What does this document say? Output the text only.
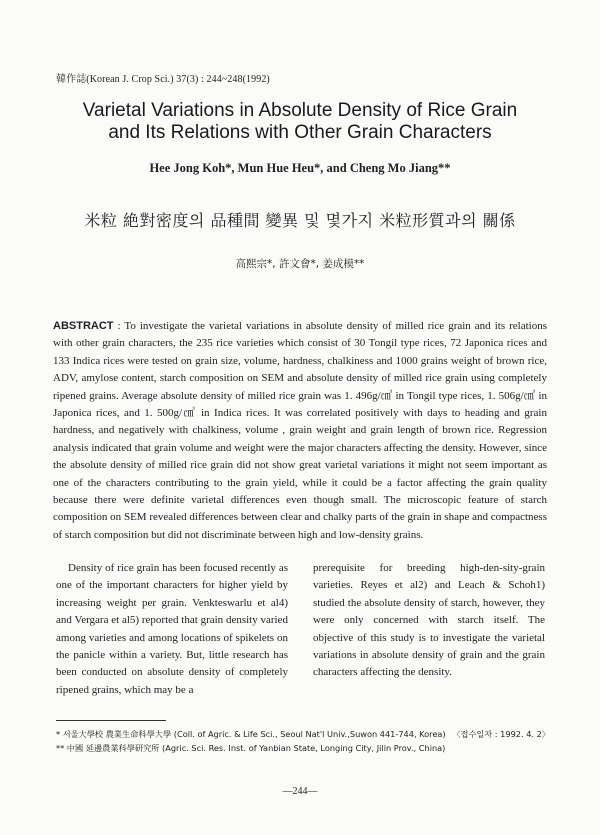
韓作誌(Korean J. Crop Sci.) 37(3) : 244~248(1992)
Varietal Variations in Absolute Density of Rice Grain
and Its Relations with Other Grain Characters
Hee Jong Koh*, Mun Hue Heu*, and Cheng Mo Jiang**
米粒 絶對密度의 品種間 變異 및 몇가지 米粒形質과의 關係
高熙宗*, 許文會*, 姜成模**
ABSTRACT : To investigate the varietal variations in absolute density of milled rice grain and its relations with other grain characters, the 235 rice varieties which consist of 30 Tongil type rices, 72 Japonica rices and 133 Indica rices were tested on grain size, volume, hardness, chalkiness and 1000 grains weight of brown rice, ADV, amylose content, starch composition on SEM and absolute density of milled rice grain using completely ripened grains. Average absolute density of milled rice grain was 1. 496g/㎤ in Tongil type rices, 1. 506g/㎤ in Japonica rices, and 1. 500g/㎤ in Indica rices. It was correlated positively with days to heading and grain hardness, and negatively with chalkiness, volume , grain weight and grain length of brown rice. Regression analysis indicated that grain volume and weight were the major characters affecting the density. However, since the absolute density of milled rice grain did not show great varietal variations it might not seem important as one of the characters contributing to the grain yield, while it could be a factor affecting the grain quality because there were definite varietal differences even though small. The microscopic feature of starch composition on SEM revealed differences between clear and chalky parts of the grain in shape and compactness of starch composition but did not discriminate between high and low-density grains.

Density of rice grain has been focused recently as one of the important characters for higher yield by increasing weight per grain. Venkteswarlu et al4) and Vergara et al5) reported that grain density varied among varieties and among locations of spikelets on the panicle within a variety. But, little research has been conducted on absolute density of completely ripened grains, which may be a

prerequisite for breeding high-den-sity-grain varieties. Reyes et al2) and Leach & Schoh1) studied the absolute density of starch, however, they were only concerned with starch itself. The objective of this study is to investigate the varietal variations in absolute density of grain and the grain characters affecting the density.

* 서울大學校 農業生命科學大學 (Coll. of Agric. & Life Sci., Seoul Nat'l Univ.,Suwon 441-744, Korea) 〈접수일자 : 1992. 4. 2〉
** 中國 延邊農業科學研究所 (Agric. Sci. Res. Inst. of Yanbian State, Longing City, Jilin Prov., China)
—244—
